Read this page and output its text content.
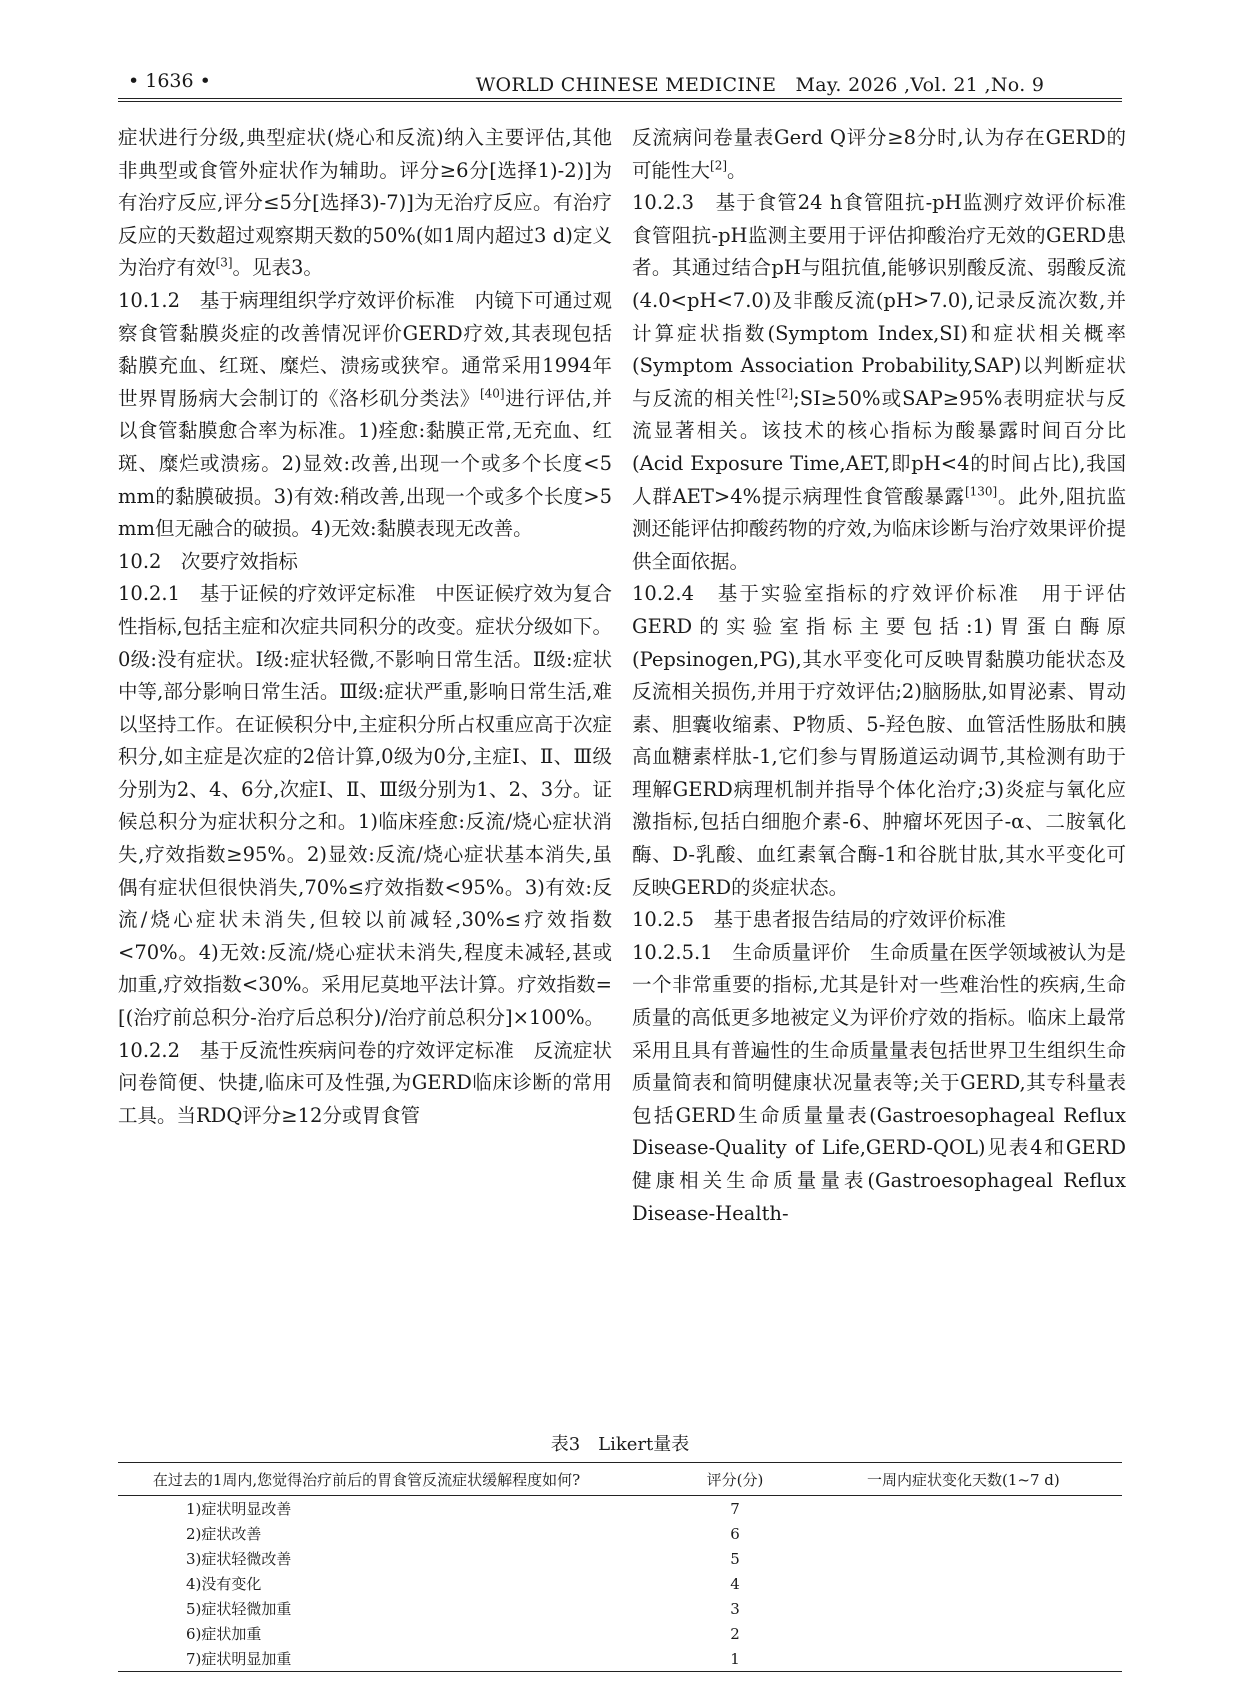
• 1636 •	WORLD CHINESE MEDICINE　May. 2026 ,Vol. 21 ,No. 9

症状进行分级,典型症状(烧心和反流)纳入主要评估,其他非典型或食管外症状作为辅助。评分≥6分[选择1)-2)]为有治疗反应,评分≤5分[选择3)-7)]为无治疗反应。有治疗反应的天数超过观察期天数的50%(如1周内超过3 d)定义为治疗有效[3]。见表3。

10.1.2　基于病理组织学疗效评价标准　内镜下可通过观察食管黏膜炎症的改善情况评价GERD疗效,其表现包括黏膜充血、红斑、糜烂、溃疡或狭窄。通常采用1994年世界胃肠病大会制订的《洛杉矶分类法》[40]进行评估,并以食管黏膜愈合率为标准。1)痊愈:黏膜正常,无充血、红斑、糜烂或溃疡。2)显效:改善,出现一个或多个长度<5 mm的黏膜破损。3)有效:稍改善,出现一个或多个长度>5 mm但无融合的破损。4)无效:黏膜表现无改善。

10.2　次要疗效指标

10.2.1　基于证候的疗效评定标准　中医证候疗效为复合性指标,包括主症和次症共同积分的改变。症状分级如下。0级:没有症状。Ⅰ级:症状轻微,不影响日常生活。Ⅱ级:症状中等,部分影响日常生活。Ⅲ级:症状严重,影响日常生活,难以坚持工作。在证候积分中,主症积分所占权重应高于次症积分,如主症是次症的2倍计算,0级为0分,主症Ⅰ、Ⅱ、Ⅲ级分别为2、4、6分,次症Ⅰ、Ⅱ、Ⅲ级分别为1、2、3分。证候总积分为症状积分之和。1)临床痊愈:反流/烧心症状消失,疗效指数≥95%。2)显效:反流/烧心症状基本消失,虽偶有症状但很快消失,70%≤疗效指数<95%。3)有效:反流/烧心症状未消失,但较以前减轻,30%≤疗效指数<70%。4)无效:反流/烧心症状未消失,程度未减轻,甚或加重,疗效指数<30%。采用尼莫地平法计算。疗效指数=[(治疗前总积分-治疗后总积分)/治疗前总积分]×100%。

10.2.2　基于反流性疾病问卷的疗效评定标准　反流症状问卷简便、快捷,临床可及性强,为GERD临床诊断的常用工具。当RDQ评分≥12分或胃食管

反流病问卷量表Gerd Q评分≥8分时,认为存在GERD的可能性大[2]。

10.2.3　基于食管24 h食管阻抗-pH监测疗效评价标准　食管阻抗-pH监测主要用于评估抑酸治疗无效的GERD患者。其通过结合pH与阻抗值,能够识别酸反流、弱酸反流(4.0<pH<7.0)及非酸反流(pH>7.0),记录反流次数,并计算症状指数(Symptom Index,SI)和症状相关概率(Symptom Association Probability,SAP)以判断症状与反流的相关性[2];SI≥50%或SAP≥95%表明症状与反流显著相关。该技术的核心指标为酸暴露时间百分比(Acid Exposure Time,AET,即pH<4的时间占比),我国人群AET>4%提示病理性食管酸暴露[130]。此外,阻抗监测还能评估抑酸药物的疗效,为临床诊断与治疗效果评价提供全面依据。

10.2.4　基于实验室指标的疗效评价标准　用于评估GERD的实验室指标主要包括:1)胃蛋白酶原(Pepsinogen,PG),其水平变化可反映胃黏膜功能状态及反流相关损伤,并用于疗效评估;2)脑肠肽,如胃泌素、胃动素、胆囊收缩素、P物质、5-羟色胺、血管活性肠肽和胰高血糖素样肽-1,它们参与胃肠道运动调节,其检测有助于理解GERD病理机制并指导个体化治疗;3)炎症与氧化应激指标,包括白细胞介素-6、肿瘤坏死因子-α、二胺氧化酶、D-乳酸、血红素氧合酶-1和谷胱甘肽,其水平变化可反映GERD的炎症状态。

10.2.5　基于患者报告结局的疗效评价标准

10.2.5.1　生命质量评价　生命质量在医学领域被认为是一个非常重要的指标,尤其是针对一些难治性的疾病,生命质量的高低更多地被定义为评价疗效的指标。临床上最常采用且具有普遍性的生命质量量表包括世界卫生组织生命质量简表和简明健康状况量表等;关于GERD,其专科量表包括GERD生命质量量表(Gastroesophageal Reflux Disease-Quality of Life,GERD-QOL)见表4和GERD健康相关生命质量量表(Gastroesophageal Reflux Disease-Health-

表3　Likert量表
在过去的1周内,您觉得治疗前后的胃食管反流症状缓解程度如何?	评分(分)	一周内症状变化天数(1~7 d)
1)症状明显改善	7	
2)症状改善	6	
3)症状轻微改善	5	
4)没有变化	4	
5)症状轻微加重	3	
6)症状加重	2	
7)症状明显加重	1	
